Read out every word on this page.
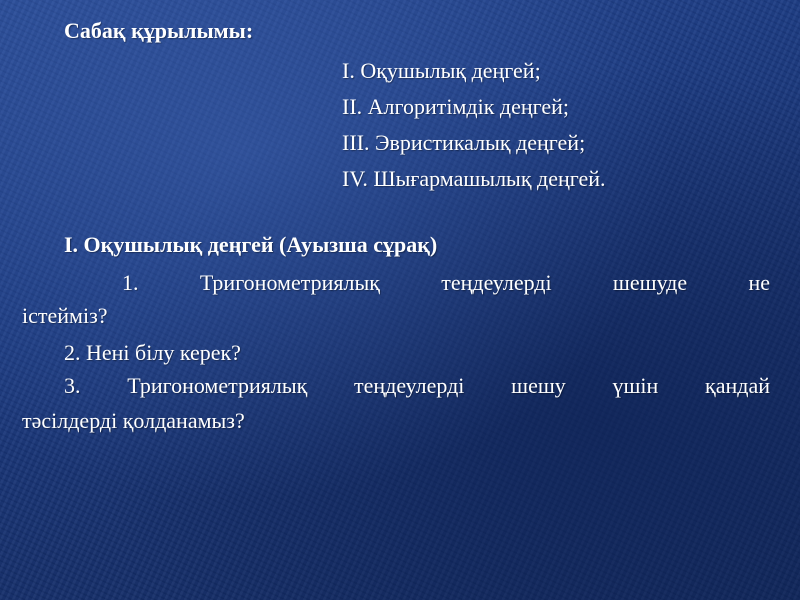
Сабақ құрылымы:
I. Оқушылық деңгей;
II. Алгоритімдік деңгей;
III. Эвристикалық деңгей;
IV. Шығармашылық деңгей.
I. Оқушылық деңгей (Ауызша сұрақ)
1. Тригонометриялық теңдеулерді шешуде не
істейміз?
2. Нені білу керек?
3. Тригонометриялық теңдеулерді шешу үшін қандай
тәсілдерді қолданамыз?
